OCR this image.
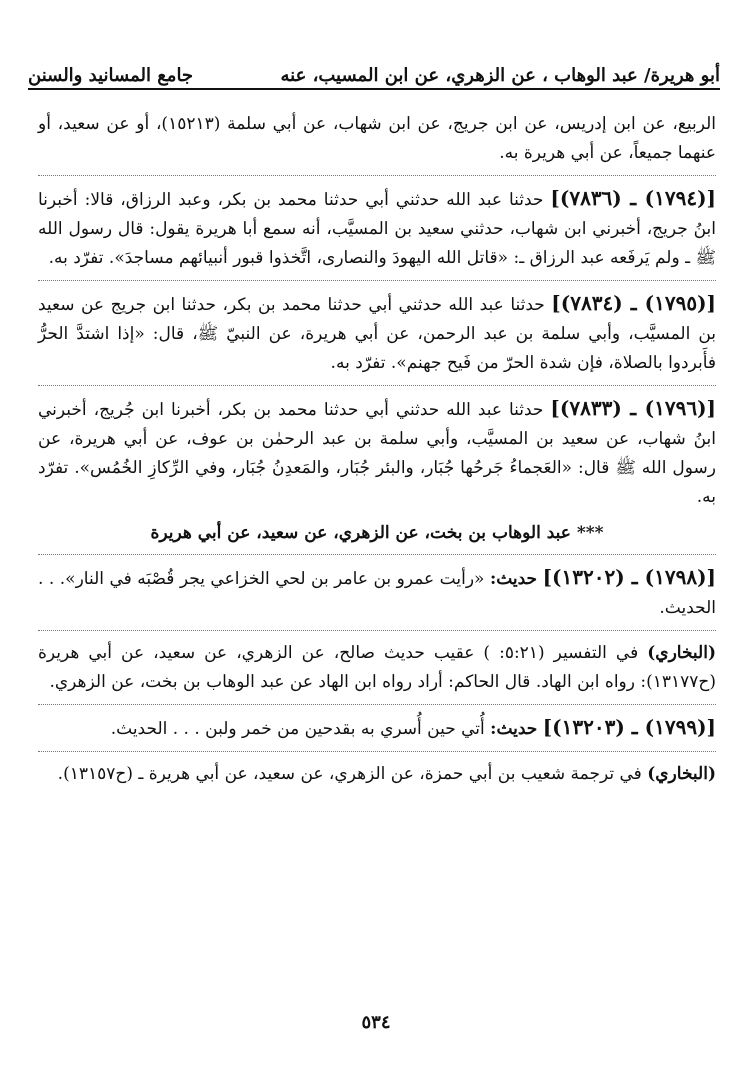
أبو هريرة/ عبد الوهاب ، عن الزهري، عن ابن المسيب، عنه
جامع المسانيد والسنن

الربيع، عن ابن إدريس، عن ابن جريج، عن ابن شهاب، عن أبي سلمة (١٥٢١٣)، أو عن سعيد، أو عنهما جميعاً، عن أبي هريرة به.

[(١٧٩٤) ـ (٧٨٣٦)] حدثنا عبد الله حدثني أبي حدثنا محمد بن بكر، وعبد الرزاق، قالا: أخبرنا ابنُ جريج، أخبرني ابن شهاب، حدثني سعيد بن المسيَّب، أنه سمع أبا هريرة يقول: قال رسول الله ﷺ ـ ولم يَرفَعه عبد الرزاق ـ: «قاتل الله اليهودَ والنصارى، اتَّخذوا قبور أنبيائهم مساجدَ». تفرّد به.

[(١٧٩٥) ـ (٧٨٣٤)] حدثنا عبد الله حدثني أبي حدثنا محمد بن بكر، حدثنا ابن جريج عن سعيد بن المسيَّب، وأبي سلمة بن عبد الرحمن، عن أبي هريرة، عن النبيّ ﷺ، قال: «إذا اشتدَّ الحرُّ فأَبردوا بالصلاة، فإن شدة الحرّ من فَيح جهنم». تفرّد به.

[(١٧٩٦) ـ (٧٨٣٣)] حدثنا عبد الله حدثني أبي حدثنا محمد بن بكر، أخبرنا ابن جُريج، أخبرني ابنُ شهاب، عن سعيد بن المسيَّب، وأبي سلمة بن عبد الرحمٰن بن عوف، عن أبي هريرة، عن رسول الله ﷺ قال: «العَجماءُ جَرحُها جُبَار، والبئر جُبَار، والمَعدِنُ جُبَار، وفي الرِّكازِ الخُمُس». تفرّد به.

*** عبد الوهاب بن بخت، عن الزهري، عن سعيد، عن أبي هريرة

[(١٧٩٨) ـ (١٣٢٠٢)] حديث: «رأيت عمرو بن عامر بن لحي الخزاعي يجر قُصْبَه في النار». . . الحديث.

(البخاري) في التفسير (٥:٢١: ) عقيب حديث صالح، عن الزهري، عن سعيد، عن أبي هريرة (ح١٣١٧٧): رواه ابن الهاد. قال الحاكم: أراد رواه ابن الهاد عن عبد الوهاب بن بخت، عن الزهري.

[(١٧٩٩) ـ (١٣٢٠٣)] حديث: أُتي حين أُسري به بقدحين من خمر ولبن . . . الحديث.

(البخاري) في ترجمة شعيب بن أبي حمزة، عن الزهري، عن سعيد، عن أبي هريرة ـ (ح١٣١٥٧).

٥٣٤
